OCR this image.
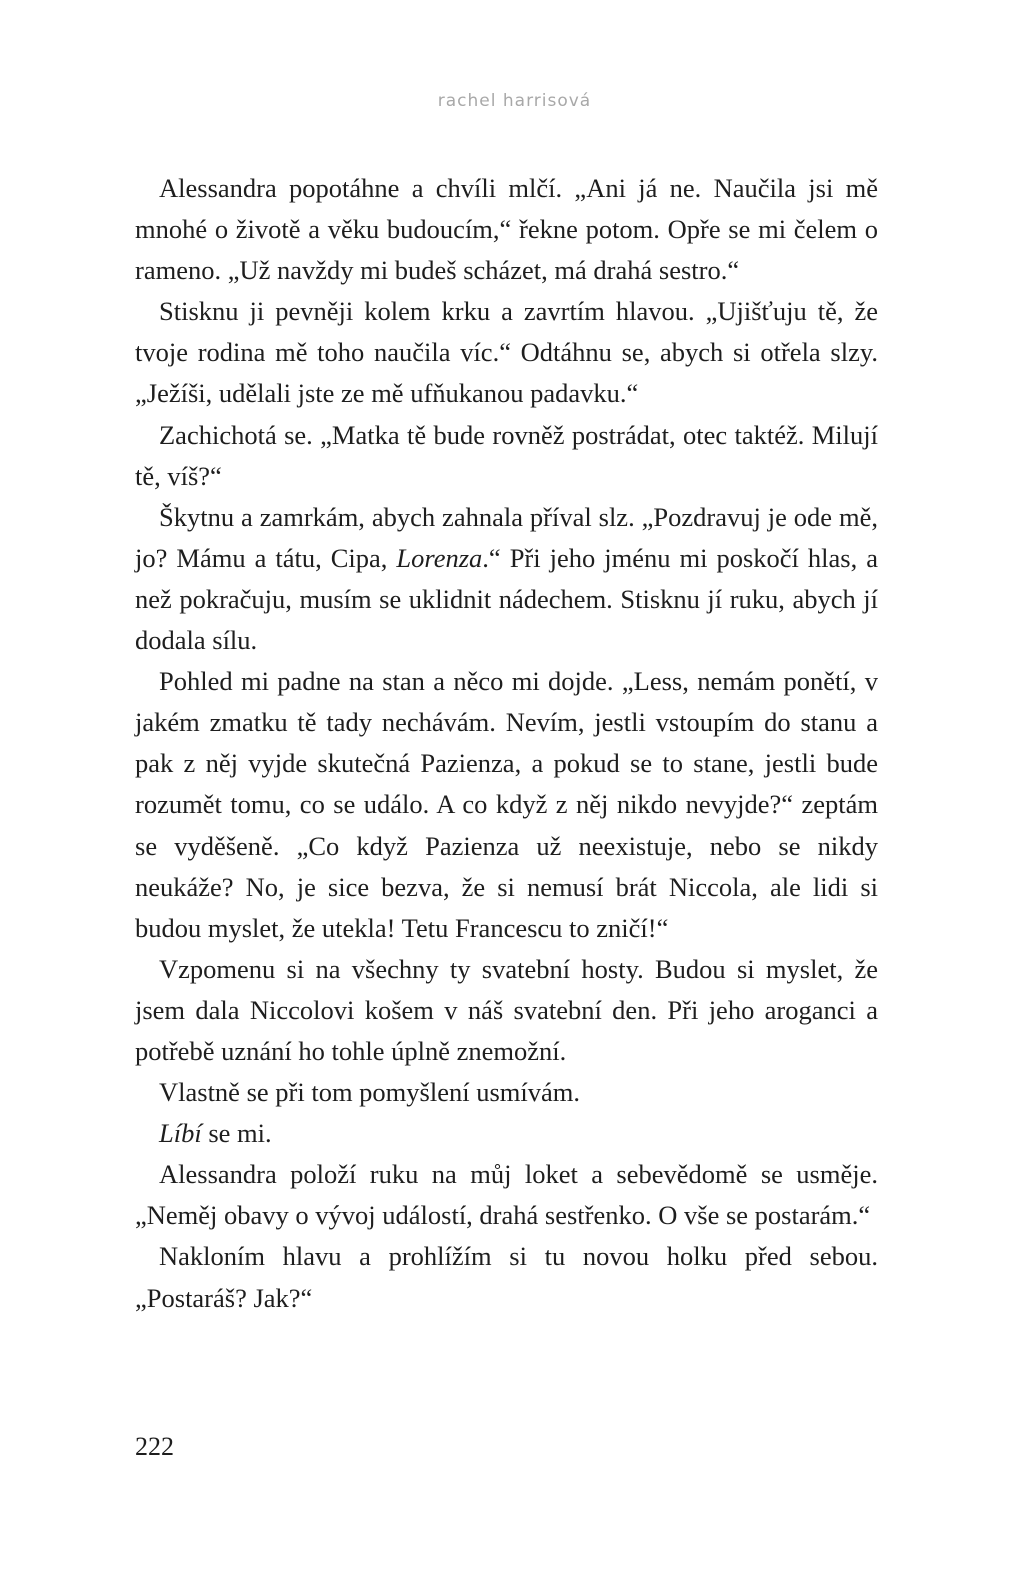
rachel harrisová

Alessandra popotáhne a chvíli mlčí. „Ani já ne. Naučila jsi mě mnohé o životě a věku budoucím,“ řekne potom. Opře se mi čelem o rameno. „Už navždy mi budeš scházet, má drahá sestro.“

Stisknu ji pevněji kolem krku a zavrtím hlavou. „Ujišťuju tě, že tvoje rodina mě toho naučila víc.“ Odtáhnu se, abych si otřela slzy. „Ježíši, udělali jste ze mě ufňukanou padavku.“

Zachichotá se. „Matka tě bude rovněž postrádat, otec taktéž. Milují tě, víš?“

Škytnu a zamrkám, abych zahnala příval slz. „Pozdravuj je ode mě, jo? Mámu a tátu, Cipa, Lorenza.“ Při jeho jménu mi poskočí hlas, a než pokračuju, musím se uklidnit nádechem. Stisknu jí ruku, abych jí dodala sílu.

Pohled mi padne na stan a něco mi dojde. „Less, nemám ponětí, v jakém zmatku tě tady nechávám. Nevím, jestli vstoupím do stanu a pak z něj vyjde skutečná Pazienza, a pokud se to stane, jestli bude rozumět tomu, co se událo. A co když z něj nikdo nevyjde?“ zeptám se vyděšeně. „Co když Pazienza už neexistuje, nebo se nikdy neukáže? No, je sice bezva, že si nemusí brát Niccola, ale lidi si budou myslet, že utekla! Tetu Francescu to zničí!“

Vzpomenu si na všechny ty svatební hosty. Budou si myslet, že jsem dala Niccolovi košem v náš svatební den. Při jeho aroganci a potřebě uznání ho tohle úplně znemožní.

Vlastně se při tom pomyšlení usmívám.

Líbí se mi.

Alessandra položí ruku na můj loket a sebevědomě se usměje. „Neměj obavy o vývoj událostí, drahá sestřenko. O vše se postarám.“

Nakloním hlavu a prohlížím si tu novou holku před sebou. „Postaráš? Jak?“

222
